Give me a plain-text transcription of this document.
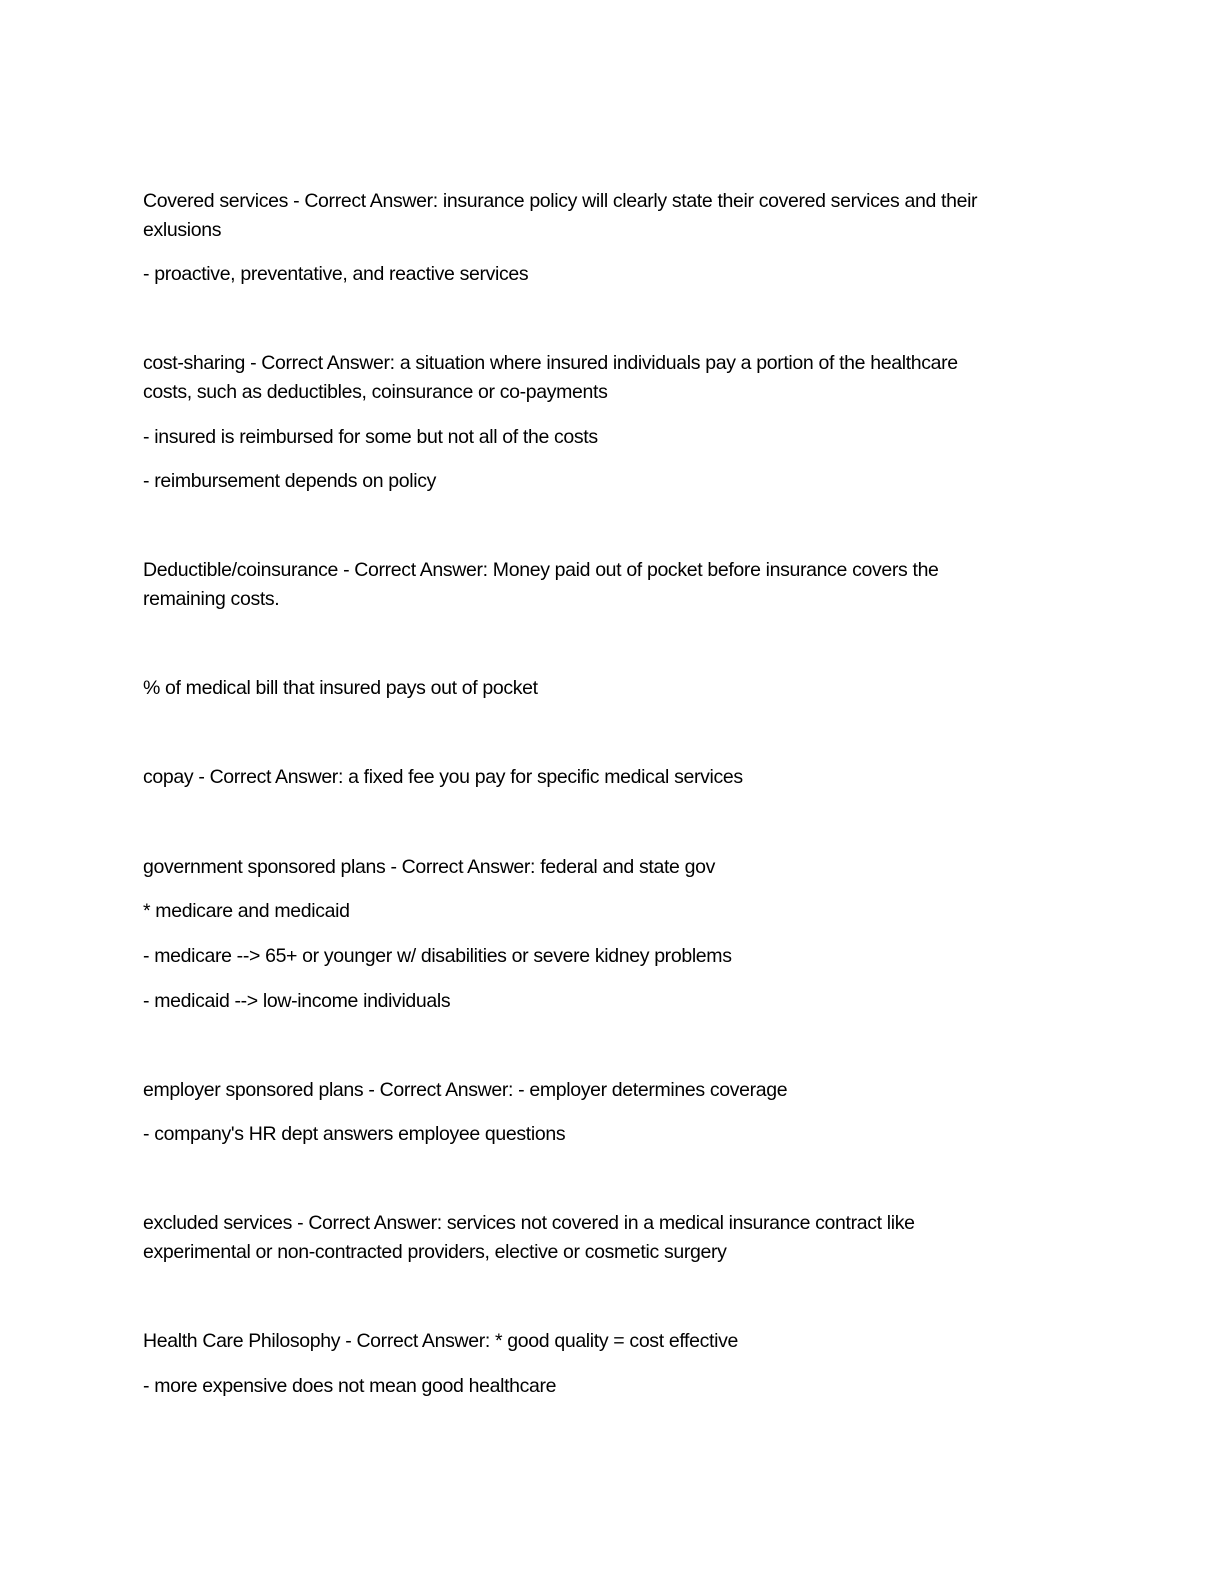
Covered services - Correct Answer: insurance policy will clearly state their covered services and their
exlusions
- proactive, preventative, and reactive services
cost-sharing - Correct Answer: a situation where insured individuals pay a portion of the healthcare
costs, such as deductibles, coinsurance or co-payments
- insured is reimbursed for some but not all of the costs
- reimbursement depends on policy
Deductible/coinsurance - Correct Answer: Money paid out of pocket before insurance covers the
remaining costs.
% of medical bill that insured pays out of pocket
copay - Correct Answer: a fixed fee you pay for specific medical services
government sponsored plans - Correct Answer: federal and state gov
* medicare and medicaid
- medicare --> 65+ or younger w/ disabilities or severe kidney problems
- medicaid --> low-income individuals
employer sponsored plans - Correct Answer: - employer determines coverage
- company's HR dept answers employee questions
excluded services - Correct Answer: services not covered in a medical insurance contract like
experimental or non-contracted providers, elective or cosmetic surgery
Health Care Philosophy - Correct Answer: * good quality = cost effective
- more expensive does not mean good healthcare
